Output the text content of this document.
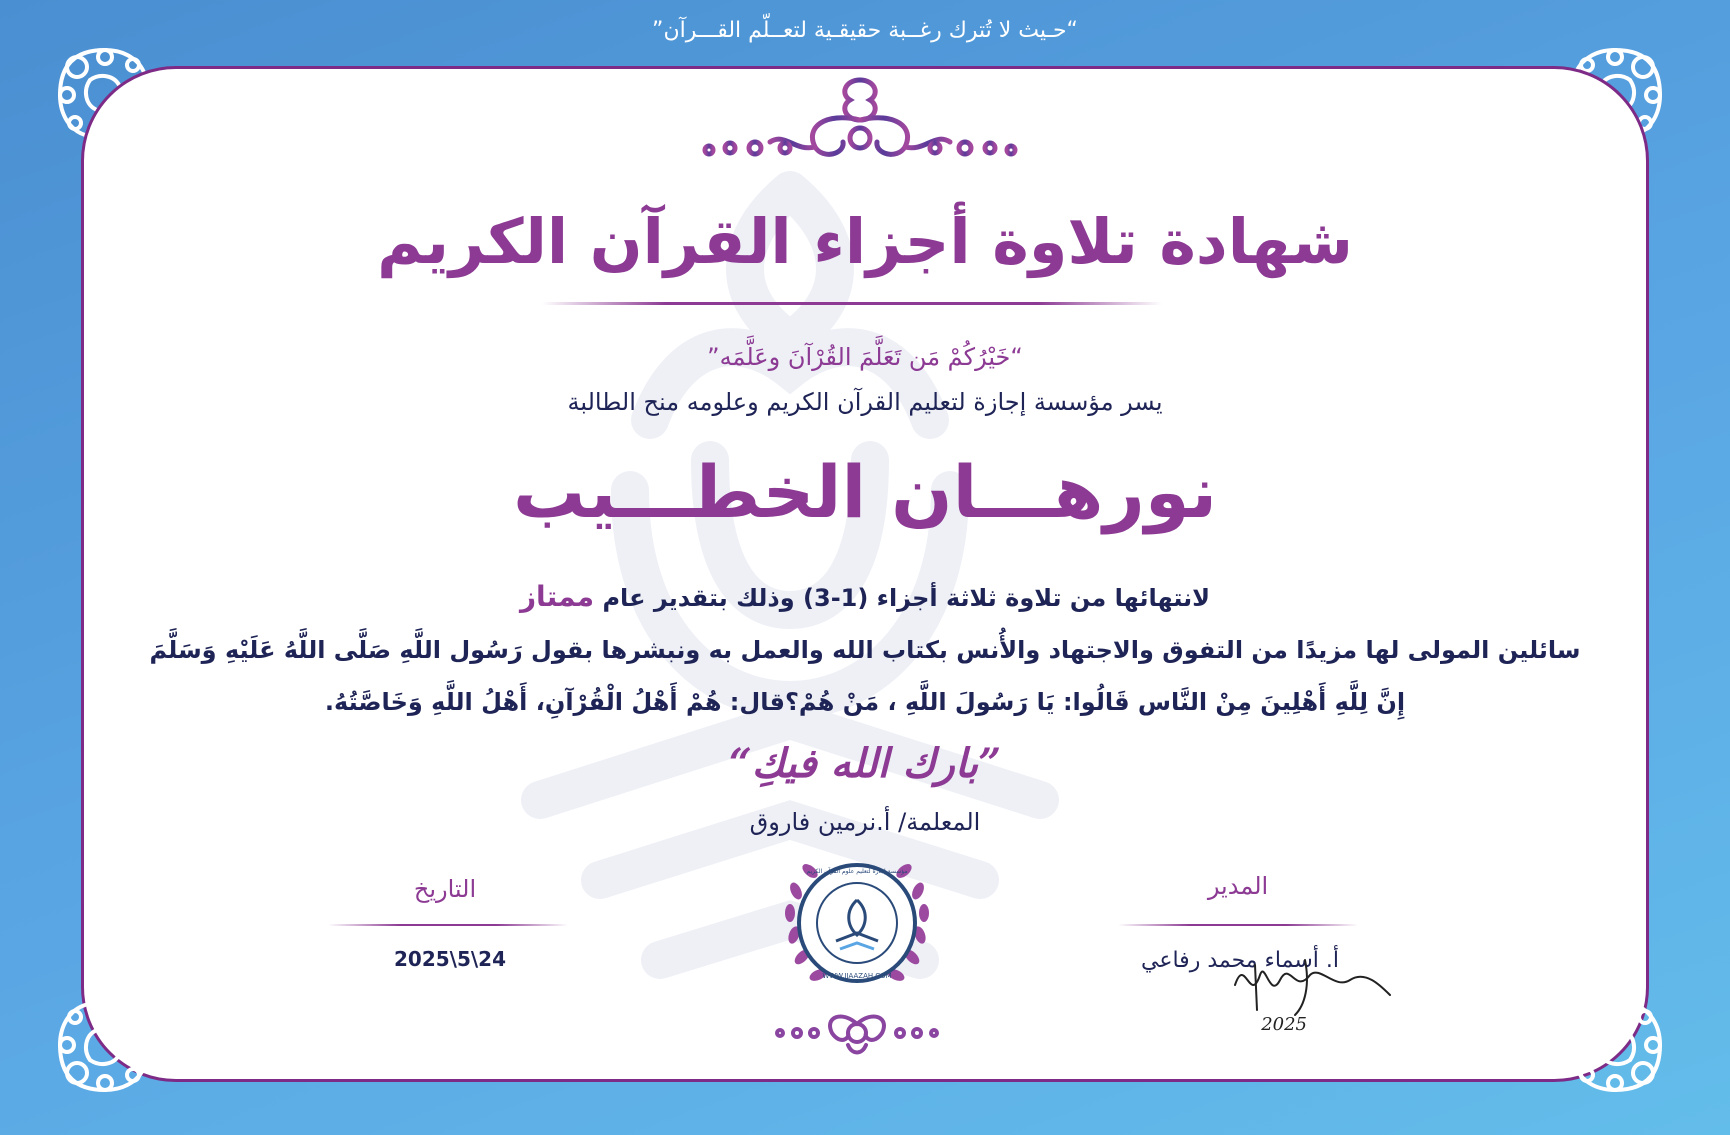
“حـيث لا تُترك رغــبة حقيقـية لتعــلّم القـــرآن”
شهادة تلاوة أجزاء القرآن الكريم
“خَيْرُكُمْ مَن تَعَلَّمَ القُرْآنَ وعَلَّمَه”
يسر مؤسسة إجازة لتعليم القرآن الكريم وعلومه منح الطالبة
نورهـــان الخطـــيب
لانتهائها من تلاوة ثلاثة أجزاء (1-3) وذلك بتقدير عام ممتاز
سائلين المولى لها مزيدًا من التفوق والاجتهاد والأُنس بكتاب الله والعمل به ونبشرها بقول رَسُول اللَّهِ صَلَّى اللَّهُ عَلَيْهِ وَسَلَّمَ
إِنَّ لِلَّهِ أَهْلِينَ مِنْ النَّاس قَالُوا: يَا رَسُولَ اللَّهِ ، مَنْ هُمْ؟قال: هُمْ أَهْلُ الْقُرْآنِ، أَهْلُ اللَّهِ وَخَاصَّتُهُ.
”بارك الله فيكِ“
المعلمة/ أ.نرمين فاروق
التاريخ
2025\5\24
المدير
أ. أسماء محمد رفاعي
2025
WWW.IJAAZAH.COM
مؤسسة إجازة لتعليم علوم القرآن الكريم
